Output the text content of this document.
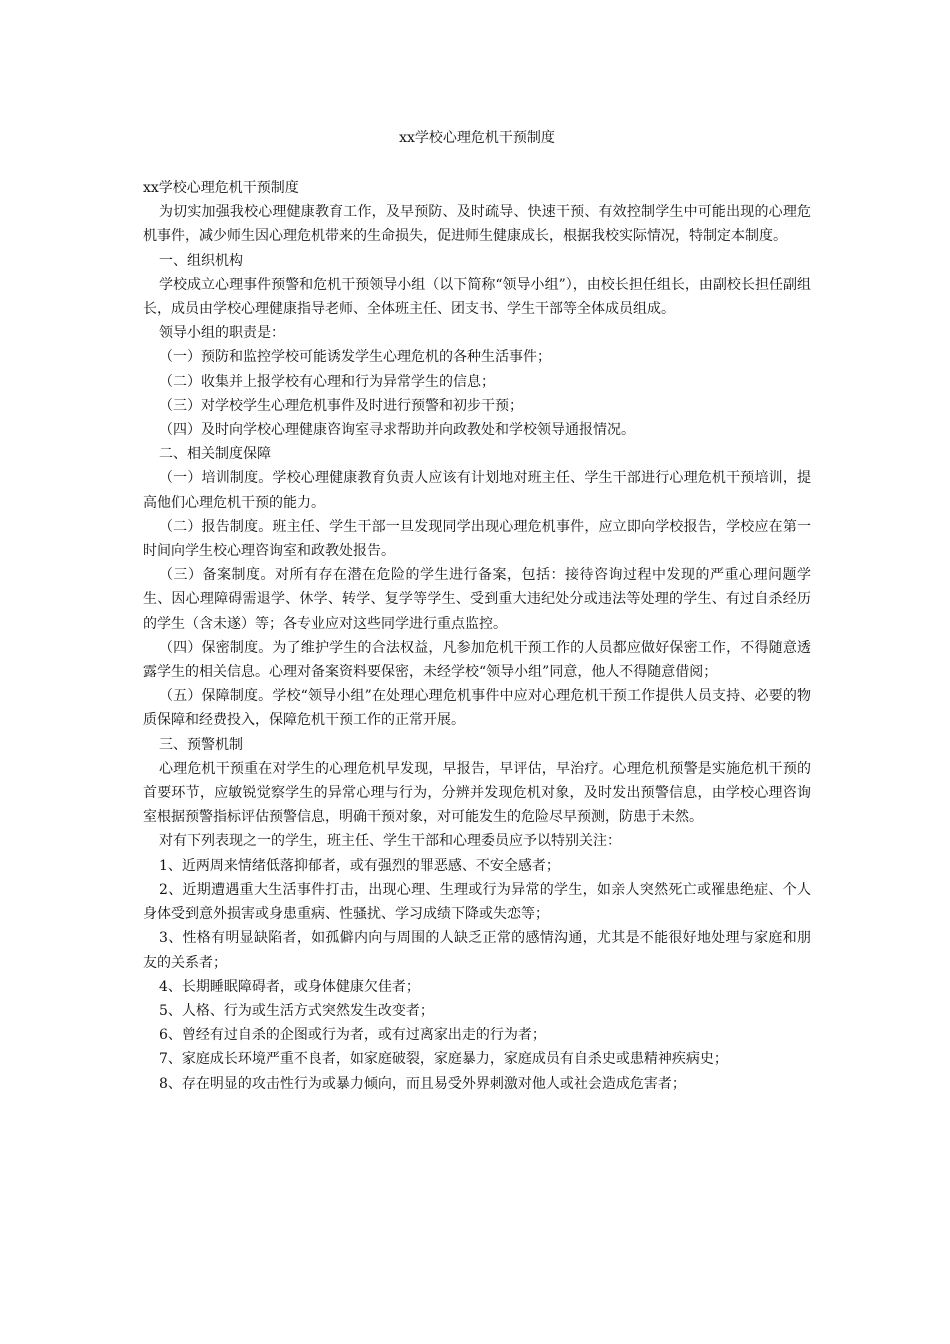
xx学校心理危机干预制度

xx学校心理危机干预制度

为切实加强我校心理健康教育工作，及早预防、及时疏导、快速干预、有效控制学生中可能出现的心理危机事件，减少师生因心理危机带来的生命损失，促进师生健康成长，根据我校实际情况，特制定本制度。

一、组织机构

学校成立心理事件预警和危机干预领导小组（以下简称“领导小组”），由校长担任组长，由副校长担任副组长，成员由学校心理健康指导老师、全体班主任、团支书、学生干部等全体成员组成。

领导小组的职责是：

（一）预防和监控学校可能诱发学生心理危机的各种生活事件；

（二）收集并上报学校有心理和行为异常学生的信息；

（三）对学校学生心理危机事件及时进行预警和初步干预；

（四）及时向学校心理健康咨询室寻求帮助并向政教处和学校领导通报情况。

二、相关制度保障

（一）培训制度。学校心理健康教育负责人应该有计划地对班主任、学生干部进行心理危机干预培训，提高他们心理危机干预的能力。

（二）报告制度。班主任、学生干部一旦发现同学出现心理危机事件，应立即向学校报告，学校应在第一时间向学生校心理咨询室和政教处报告。

（三）备案制度。对所有存在潜在危险的学生进行备案，包括：接待咨询过程中发现的严重心理问题学生、因心理障碍需退学、休学、转学、复学等学生、受到重大违纪处分或违法等处理的学生、有过自杀经历的学生（含未遂）等；各专业应对这些同学进行重点监控。

（四）保密制度。为了维护学生的合法权益，凡参加危机干预工作的人员都应做好保密工作，不得随意透露学生的相关信息。心理对备案资料要保密，未经学校“领导小组”同意，他人不得随意借阅；

（五）保障制度。学校“领导小组”在处理心理危机事件中应对心理危机干预工作提供人员支持、必要的物质保障和经费投入，保障危机干预工作的正常开展。

三、预警机制

心理危机干预重在对学生的心理危机早发现，早报告，早评估，早治疗。心理危机预警是实施危机干预的首要环节，应敏锐觉察学生的异常心理与行为，分辨并发现危机对象，及时发出预警信息，由学校心理咨询室根据预警指标评估预警信息，明确干预对象，对可能发生的危险尽早预测，防患于未然。

对有下列表现之一的学生，班主任、学生干部和心理委员应予以特别关注：

1、近两周来情绪低落抑郁者，或有强烈的罪恶感、不安全感者；

2、近期遭遇重大生活事件打击，出现心理、生理或行为异常的学生，如亲人突然死亡或罹患绝症、个人身体受到意外损害或身患重病、性骚扰、学习成绩下降或失恋等；

3、性格有明显缺陷者，如孤僻内向与周围的人缺乏正常的感情沟通，尤其是不能很好地处理与家庭和朋友的关系者；

4、长期睡眠障碍者，或身体健康欠佳者；

5、人格、行为或生活方式突然发生改变者；

6、曾经有过自杀的企图或行为者，或有过离家出走的行为者；

7、家庭成长环境严重不良者，如家庭破裂，家庭暴力，家庭成员有自杀史或患精神疾病史；

8、存在明显的攻击性行为或暴力倾向，而且易受外界刺激对他人或社会造成危害者；
